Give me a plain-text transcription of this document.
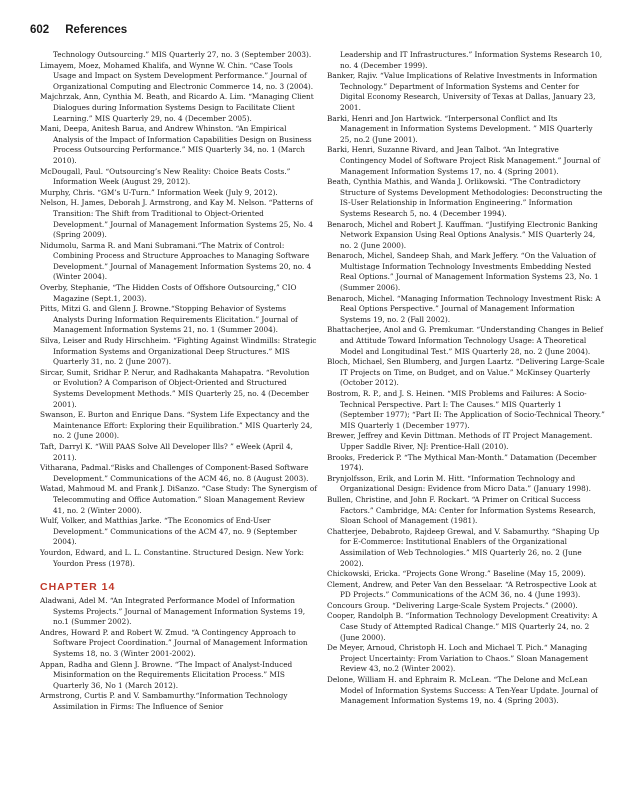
602 References

Technology Outsourcing.” MIS Quarterly 27, no. 3 (September 2003).

Limayem, Moez, Mohamed Khalifa, and Wynne W. Chin. “Case Tools Usage and Impact on System Development Performance.” Journal of Organizational Computing and Electronic Commerce 14, no. 3 (2004).

Majchrzak, Ann, Cynthia M. Beath, and Ricardo A. Lim. “Managing Client Dialogues during Information Systems Design to Facilitate Client Learning.” MIS Quarterly 29, no. 4 (December 2005).

Mani, Deepa, Anitesh Barua, and Andrew Whinston. “An Empirical Analysis of the Impact of Information Capabilities Design on Business Process Outsourcing Performance.” MIS Quarterly 34, no. 1 (March 2010).

McDougall, Paul. “Outsourcing’s New Reality: Choice Beats Costs.” Information Week (August 29, 2012).

Murphy, Chris. “GM’s U-Turn.” Information Week (July 9, 2012).

Nelson, H. James, Deborah J. Armstrong, and Kay M. Nelson. “Patterns of Transition: The Shift from Traditional to Object-Oriented Development.” Journal of Management Information Systems 25, No. 4 (Spring 2009).

Nidumolu, Sarma R. and Mani Subramani.“The Matrix of Control: Combining Process and Structure Approaches to Managing Software Development.” Journal of Management Information Systems 20, no. 4 (Winter 2004).

Overby, Stephanie, “The Hidden Costs of Offshore Outsourcing,” CIO Magazine (Sept.1, 2003).

Pitts, Mitzi G. and Glenn J. Browne.“Stopping Behavior of Systems Analysts During Information Requirements Elicitation.” Journal of Management Information Systems 21, no. 1 (Summer 2004).

Silva, Leiser and Rudy Hirschheim. “Fighting Against Windmills: Strategic Information Systems and Organizational Deep Structures.” MIS Quarterly 31, no. 2 (June 2007).

Sircar, Sumit, Sridhar P. Nerur, and Radhakanta Mahapatra. “Revolution or Evolution? A Comparison of Object-Oriented and Structured Systems Development Methods.” MIS Quarterly 25, no. 4 (December 2001).

Swanson, E. Burton and Enrique Dans. “System Life Expectancy and the Maintenance Effort: Exploring their Equilibration.” MIS Quarterly 24, no. 2 (June 2000).

Taft, Darryl K. “Will PAAS Solve All Developer Ills? ” eWeek (April 4, 2011).

Vitharana, Padmal.“Risks and Challenges of Component-Based Software Development.” Communications of the ACM 46, no. 8 (August 2003).

Watad, Mahmoud M. and Frank J. DiSanzo. “Case Study: The Synergism of Telecommuting and Office Automation.” Sloan Management Review 41, no. 2 (Winter 2000).

Wulf, Volker, and Matthias Jarke. “The Economics of End-User Development.” Communications of the ACM 47, no. 9 (September 2004).

Yourdon, Edward, and L. L. Constantine. Structured Design. New York: Yourdon Press (1978).

CHAPTER 14

Aladwani, Adel M. “An Integrated Performance Model of Information Systems Projects.” Journal of Management Information Systems 19, no.1 (Summer 2002).

Andres, Howard P. and Robert W. Zmud. “A Contingency Approach to Software Project Coordination.” Journal of Management Information Systems 18, no. 3 (Winter 2001-2002).

Appan, Radha and Glenn J. Browne. “The Impact of Analyst-Induced Misinformation on the Requirements Elicitation Process.” MIS Quarterly 36, No 1 (March 2012).

Armstrong, Curtis P. and V. Sambamurthy.“Information Technology Assimilation in Firms: The Influence of Senior

Leadership and IT Infrastructures.” Information Systems Research 10, no. 4 (December 1999).

Banker, Rajiv. “Value Implications of Relative Investments in Information Technology.” Department of Information Systems and Center for Digital Economy Research, University of Texas at Dallas, January 23, 2001.

Barki, Henri and Jon Hartwick. “Interpersonal Conflict and Its Management in Information Systems Development. ” MIS Quarterly 25, no.2 (June 2001).

Barki, Henri, Suzanne Rivard, and Jean Talbot. “An Integrative Contingency Model of Software Project Risk Management.” Journal of Management Information Systems 17, no. 4 (Spring 2001).

Beath, Cynthia Mathis, and Wanda J. Orlikowski. “The Contradictory Structure of Systems Development Methodologies: Deconstructing the IS-User Relationship in Information Engineering.” Information Systems Research 5, no. 4 (December 1994).

Benaroch, Michel and Robert J. Kauffman. “Justifying Electronic Banking Network Expansion Using Real Options Analysis.” MIS Quarterly 24, no. 2 (June 2000).

Benaroch, Michel, Sandeep Shah, and Mark Jeffery. “On the Valuation of Multistage Information Technology Investments Embedding Nested Real Options.” Journal of Management Information Systems 23, No. 1 (Summer 2006).

Benaroch, Michel. “Managing Information Technology Investment Risk: A Real Options Perspective.” Journal of Management Information Systems 19, no. 2 (Fall 2002).

Bhattacherjee, Anol and G. Premkumar. “Understanding Changes in Belief and Attitude Toward Information Technology Usage: A Theoretical Model and Longitudinal Test.” MIS Quarterly 28, no. 2 (June 2004).

Bloch, Michael, Sen Blumberg, and Jurgen Laartz. “Delivering Large-Scale IT Projects on Time, on Budget, and on Value.” McKinsey Quarterly (October 2012).

Bostrom, R. P., and J. S. Heinen. “MIS Problems and Failures: A Socio-Technical Perspective. Part I: The Causes.” MIS Quarterly 1 (September 1977); “Part II: The Application of Socio-Technical Theory.” MIS Quarterly 1 (December 1977).

Brewer, Jeffrey and Kevin Dittman. Methods of IT Project Management. Upper Saddle River, NJ: Prentice-Hall (2010).

Brooks, Frederick P. “The Mythical Man-Month.” Datamation (December 1974).

Brynjolfsson, Erik, and Lorin M. Hitt. “Information Technology and Organizational Design: Evidence from Micro Data.” (January 1998).

Bullen, Christine, and John F. Rockart. “A Primer on Critical Success Factors.” Cambridge, MA: Center for Information Systems Research, Sloan School of Management (1981).

Chatterjee, Debabroto, Rajdeep Grewal, and V. Sabamurthy. “Shaping Up for E-Commerce: Institutional Enablers of the Organizational Assimilation of Web Technologies.” MIS Quarterly 26, no. 2 (June 2002).

Chickowski, Ericka. “Projects Gone Wrong.” Baseline (May 15, 2009).

Clement, Andrew, and Peter Van den Besselaar. “A Retrospective Look at PD Projects.” Communications of the ACM 36, no. 4 (June 1993).

Concours Group. “Delivering Large-Scale System Projects.” (2000).

Cooper, Randolph B. “Information Technology Development Creativity: A Case Study of Attempted Radical Change.” MIS Quarterly 24, no. 2 (June 2000).

De Meyer, Arnoud, Christoph H. Loch and Michael T. Pich.“ Managing Project Uncertainty: From Variation to Chaos.” Sloan Management Review 43, no.2 (Winter 2002).

Delone, William H. and Ephraim R. McLean. “The Delone and McLean Model of Information Systems Success: A Ten-Year Update. Journal of Management Information Systems 19, no. 4 (Spring 2003).
